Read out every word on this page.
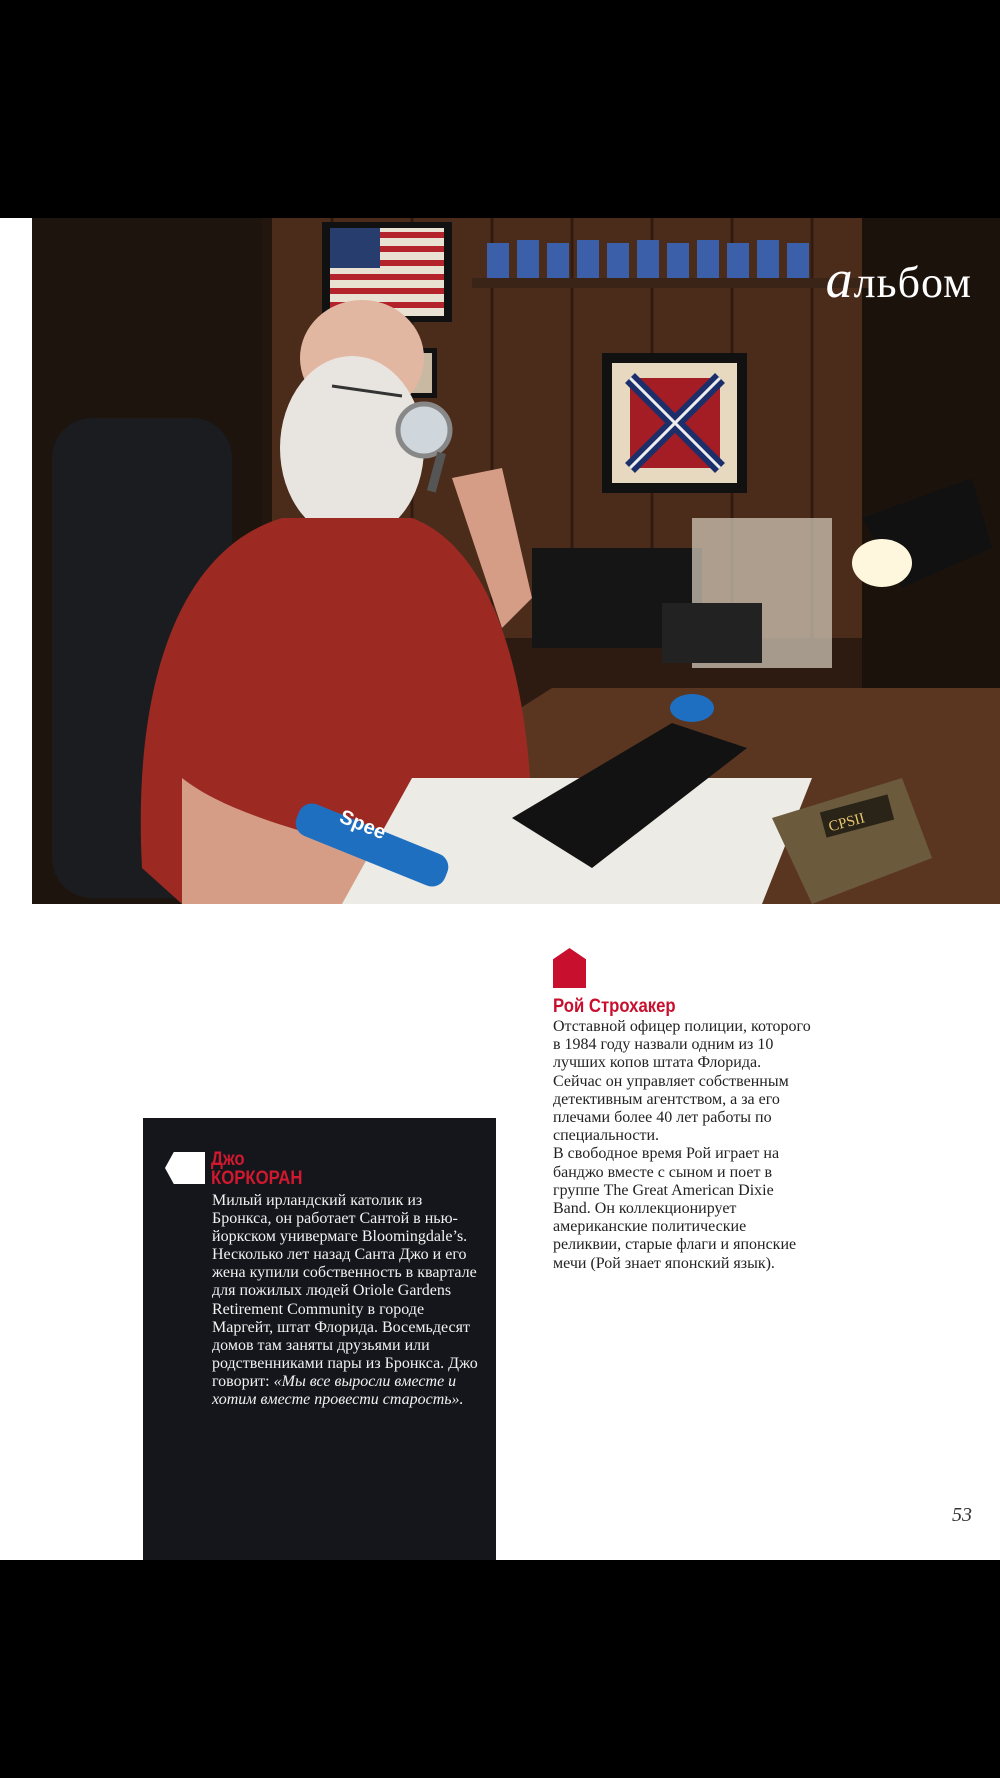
Spee	CPSII
альбом
Рой Строхакер

Отставной офицер полиции, которого в 1984 году назвали одним из 10 лучших копов штата Флорида. Сейчас он управляет собственным детективным агентством, а за его плечами более 40 лет работы по специальности.

В свободное время Рой играет на банджо вместе с сыном и поет в группе The Great American Dixie Band. Он коллекционирует американские политические реликвии, старые флаги и японские мечи (Рой знает японский язык).

Джо
КОРКОРАН
Милый ирландский католик из Бронкса, он работает Сантой в нью-йоркском универмаге Bloomingdale’s. Несколько лет назад Санта Джо и его жена купили собственность в квартале для пожилых людей Oriole Gardens Retirement Community в городе Маргейт, штат Флорида. Восемьдесят домов там заняты друзьями или родственниками пары из Бронкса. Джо говорит: «Мы все выросли вместе и хотим вместе провести старость».
53
